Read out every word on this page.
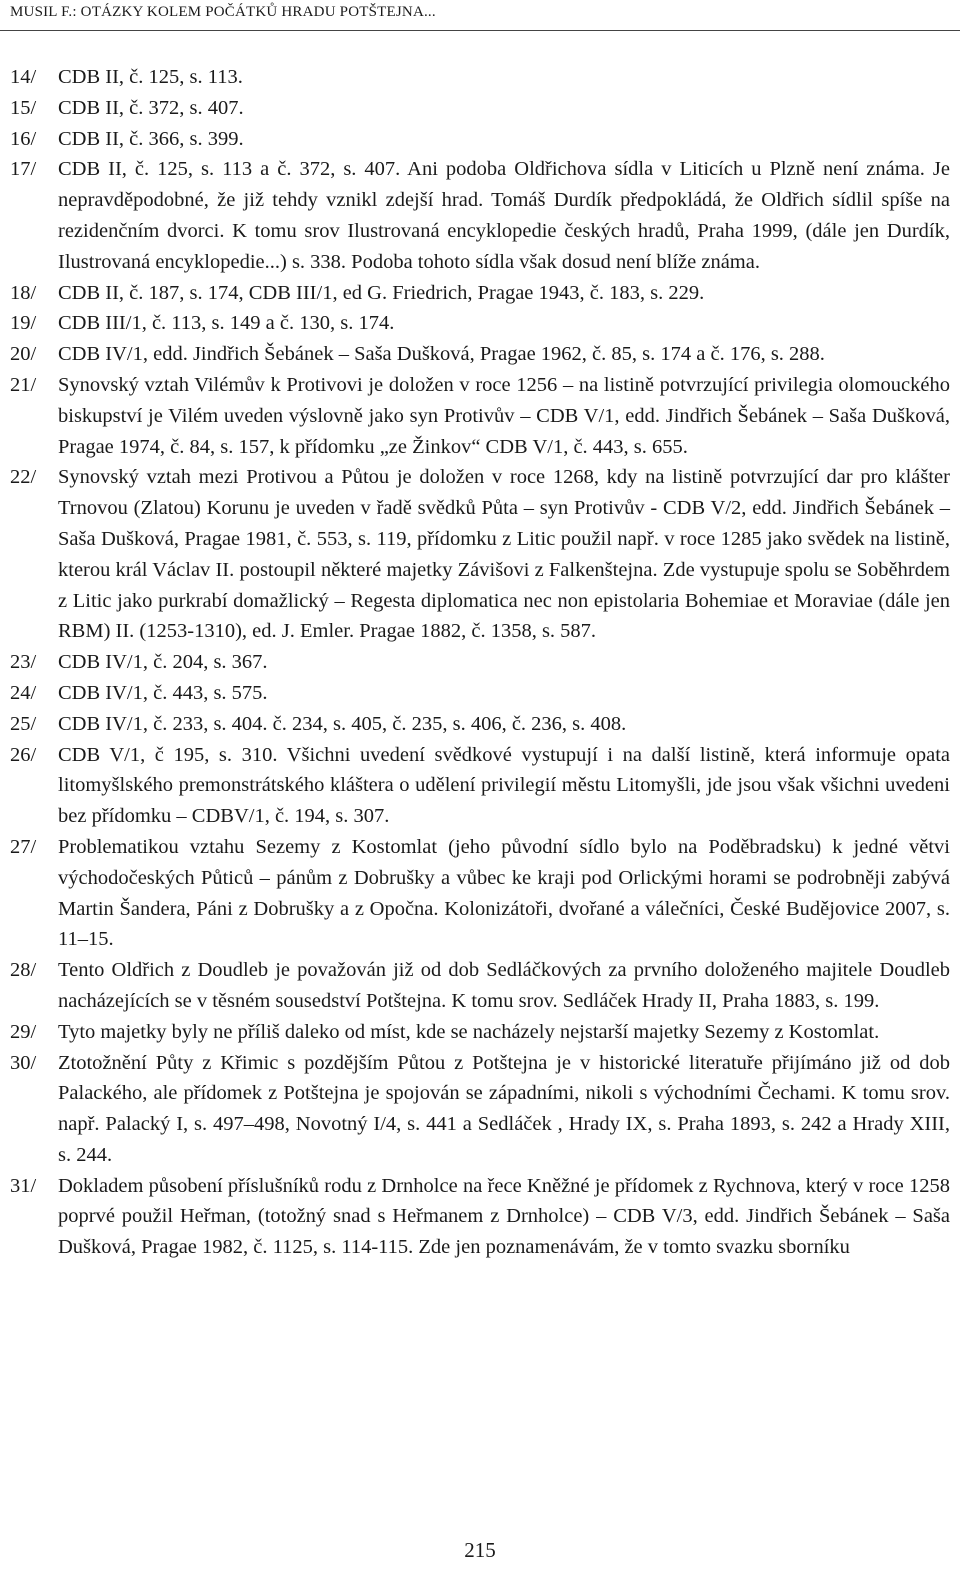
MUSIL F.: OTÁZKY KOLEM POČÁTKŮ HRADU POTŠTEJNA...
14/	CDB II, č. 125, s. 113.
15/	CDB II, č. 372, s. 407.
16/	CDB II, č. 366, s. 399.
17/	CDB II, č. 125, s. 113 a č. 372, s. 407. Ani podoba Oldřichova sídla v Liticích u Plzně není známa. Je nepravděpodobné, že již tehdy vznikl zdejší hrad. Tomáš Durdík předpokládá, že Oldřich sídlil spíše na rezidenčním dvorci. K tomu srov Ilustrovaná encyklopedie českých hradů, Praha 1999, (dále jen Durdík, Ilustrovaná encyklopedie...) s. 338. Podoba tohoto sídla však dosud není blíže známa.
18/	CDB II, č. 187, s. 174, CDB III/1, ed G. Friedrich, Pragae 1943, č. 183, s. 229.
19/	CDB III/1, č. 113, s. 149 a č. 130, s. 174.
20/	CDB IV/1, edd. Jindřich Šebánek – Saša Dušková, Pragae 1962, č. 85, s. 174 a č. 176, s. 288.
21/	Synovský vztah Vilémův k Protivovi je doložen v roce 1256 – na listině potvrzující privilegia olomouckého biskupství je Vilém uveden výslovně jako syn Protivův – CDB V/1, edd. Jindřich Šebánek – Saša Dušková, Pragae 1974, č. 84, s. 157, k přídomku „ze Žinkov“ CDB V/1, č. 443, s. 655.
22/	Synovský vztah mezi Protivou a Půtou je doložen v roce 1268, kdy na listině potvrzující dar pro klášter Trnovou (Zlatou) Korunu je uveden v řadě svědků Půta – syn Protivův - CDB V/2, edd. Jindřich Šebánek – Saša Dušková, Pragae 1981, č. 553, s. 119, přídomku z Litic použil např. v roce 1285 jako svědek na listině, kterou král Václav II. postoupil některé majetky Závišovi z Falkenštejna. Zde vystupuje spolu se Soběhrdem z Litic jako purkrabí domažlický – Regesta diplomatica nec non epistolaria Bohemiae et Moraviae (dále jen RBM) II. (1253-1310), ed. J. Emler. Pragae 1882, č. 1358, s. 587.
23/	CDB IV/1, č. 204, s. 367.
24/	CDB IV/1, č. 443, s. 575.
25/	CDB IV/1, č. 233, s. 404. č. 234, s. 405, č. 235, s. 406, č. 236, s. 408.
26/	CDB V/1, č 195, s. 310. Všichni uvedení svědkové vystupují i na další listině, která informuje opata litomyšlského premonstrátského kláštera o udělení privilegií městu Litomyšli, jde jsou však všichni uvedeni bez přídomku – CDBV/1, č. 194, s. 307.
27/	Problematikou vztahu Sezemy z Kostomlat (jeho původní sídlo bylo na Poděbradsku) k jedné větvi východočeských Půticů – pánům z Dobrušky a vůbec ke kraji pod Orlickými horami se podrobněji zabývá Martin Šandera, Páni z Dobrušky a z Opočna. Kolonizátoři, dvořané a válečníci, České Budějovice 2007, s. 11–15.
28/	Tento Oldřich z Doudleb je považován již od dob Sedláčkových za prvního doloženého majitele Doudleb nacházejících se v těsném sousedství Potštejna. K tomu srov. Sedláček Hrady II, Praha 1883, s. 199.
29/	Tyto majetky byly ne příliš daleko od míst, kde se nacházely nejstarší majetky Sezemy z Kostomlat.
30/	Ztotožnění Půty z Křimic s pozdějším Půtou z Potštejna je v historické literatuře přijímáno již od dob Palackého, ale přídomek z Potštejna je spojován se západními, nikoli s východními Čechami. K tomu srov. např. Palacký I, s. 497–498, Novotný I/4, s. 441 a Sedláček , Hrady IX, s. Praha 1893, s. 242 a Hrady XIII, s. 244.
31/	Dokladem působení příslušníků rodu z Drnholce na řece Kněžné je přídomek z Rychnova, který v roce 1258 poprvé použil Heřman, (totožný snad s Heřmanem z Drnholce) – CDB V/3, edd. Jindřich Šebánek – Saša Dušková, Pragae 1982, č. 1125, s. 114-115. Zde jen poznamenávám, že v tomto svazku sborníku
215
